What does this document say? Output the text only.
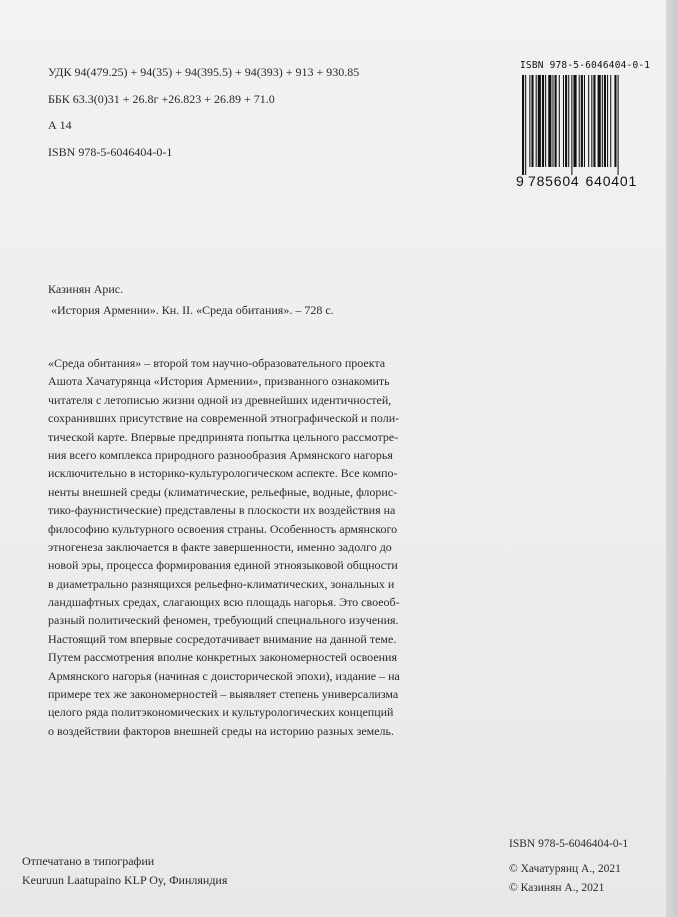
УДК 94(479.25) + 94(35) + 94(395.5) + 94(393) + 913 + 930.85
ББК 63.3(0)31 + 26.8г +26.823 + 26.89 + 71.0
А 14
ISBN 978-5-6046404-0-1
ISBN 978-5-6046404-0-1
9 785604 640401
Казинян Арис.
«История Армении». Кн. II. «Среда обитания». – 728 с.
«Среда обитания» – второй том научно-образовательного проекта
Ашота Хачатурянца «История Армении», призванного ознакомить
читателя с летописью жизни одной из древнейших идентичностей,
сохранивших присутствие на современной этнографической и поли-
тической карте. Впервые предпринята попытка цельного рассмотре-
ния всего комплекса природного разнообразия Армянского нагорья
исключительно в историко-культурологическом аспекте. Все компо-
ненты внешней среды (климатические, рельефные, водные, флорис-
тико-фаунистические) представлены в плоскости их воздействия на
философию культурного освоения страны. Особенность армянского
этногенеза заключается в факте завершенности, именно задолго до
новой эры, процесса формирования единой этноязыковой общности
в диаметрально разнящихся рельефно-климатических, зональных и
ландшафтных средах, слагающих всю площадь нагорья. Это своеоб-
разный политический феномен, требующий специального изучения.
Настоящий том впервые сосредотачивает внимание на данной теме.
Путем рассмотрения вполне конкретных закономерностей освоения
Армянского нагорья (начиная с доисторической эпохи), издание – на
примере тех же закономерностей – выявляет степень универсализма
целого ряда политэкономических и культурологических концепций
о воздействии факторов внешней среды на историю разных земель.
Отпечатано в типографии
Keuruun Laatupaino KLP Oy, Финляндия
ISBN 978-5-6046404-0-1
© Хачатурянц А., 2021
© Казинян А., 2021
